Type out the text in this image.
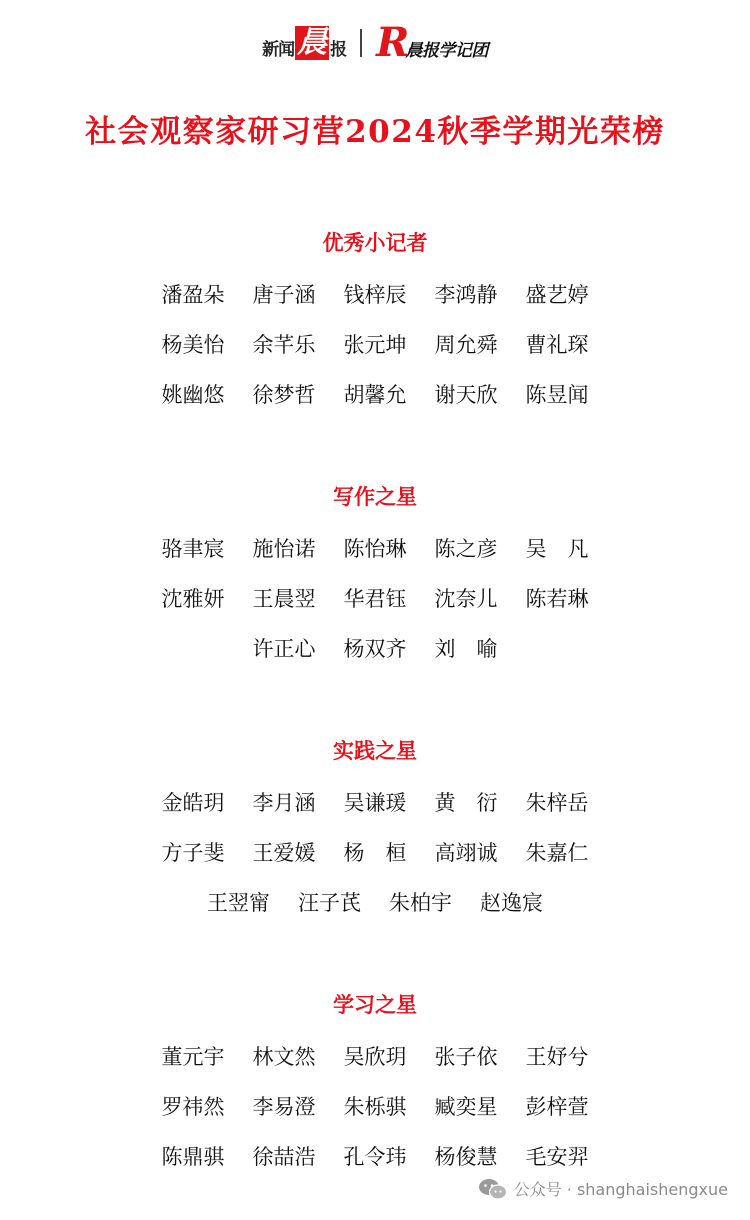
新闻 晨 报 R
晨报学记团
社会观察家研习营2024秋季学期光荣榜
优秀小记者
潘盈朵 唐子涵 钱梓辰 李鸿静 盛艺婷
杨美怡 余芊乐 张元坤 周允舜 曹礼琛
姚幽悠 徐梦哲 胡馨允 谢天欣 陈昱闻
写作之星
骆聿宸 施怡诺 陈怡琳 陈之彦 吴　凡
沈雅妍 王晨翌 华君钰 沈奈儿 陈若琳
许正心 杨双齐 刘　喻
实践之星
金皓玥 李月涵 吴谦瑗 黄　衍 朱梓岳
方子斐 王爱媛 杨　桓 高翊诚 朱嘉仁
王翌甯 汪子芪 朱柏宇 赵逸宸
学习之星
董元宇 林文然 吴欣玥 张子依 王妤兮
罗祎然 李易澄 朱栎骐 臧奕星 彭梓萱
陈鼎骐 徐喆浩 孔令玮 杨俊慧 毛安羿
公众号 · shanghaishengxue
